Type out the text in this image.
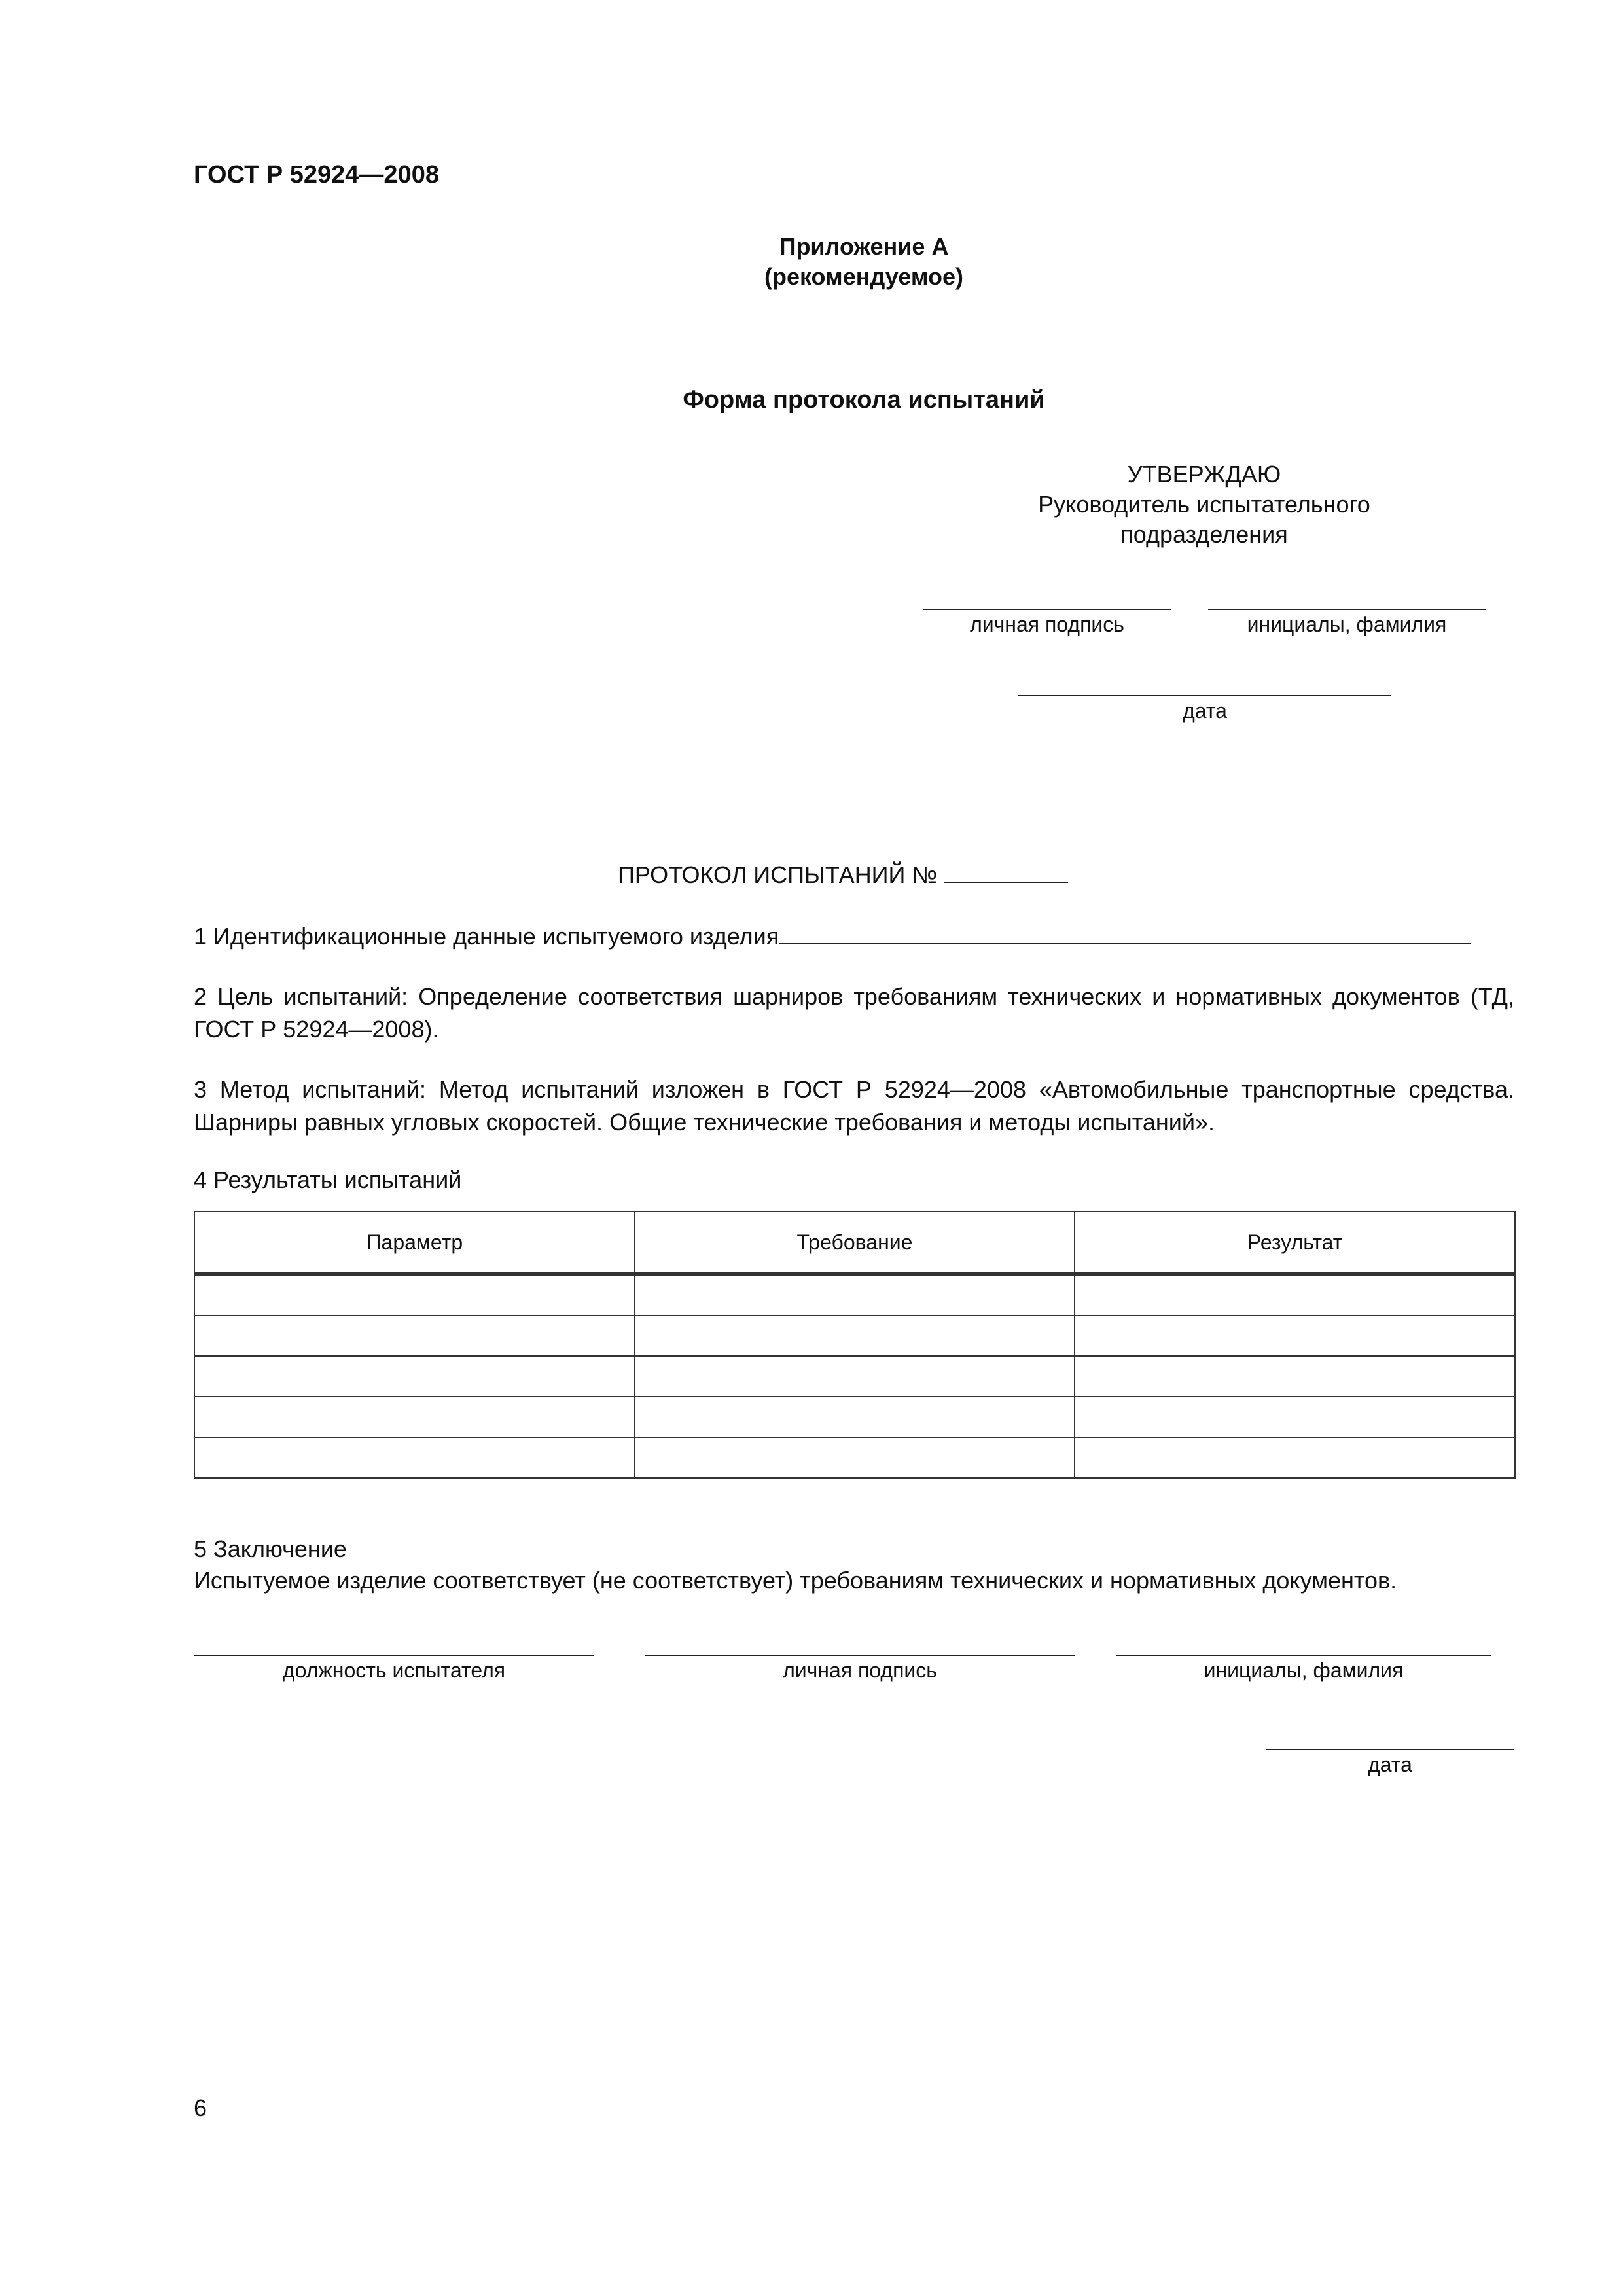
ГОСТ Р 52924—2008
Приложение А
(рекомендуемое)
Форма протокола испытаний
УТВЕРЖДАЮ
Руководитель испытательного
подразделения
личная подпись	инициалы, фамилия
дата
ПРОТОКОЛ ИСПЫТАНИЙ №
1 Идентификационные данные испытуемого изделия
2 Цель испытаний: Определение соответствия шарниров требованиям технических и нормативных документов (ТД, ГОСТ Р 52924—2008).
3 Метод испытаний: Метод испытаний изложен в ГОСТ Р 52924—2008 «Автомобильные транспортные средства. Шарниры равных угловых скоростей. Общие технические требования и методы испытаний».
4 Результаты испытаний
Параметр	Требование	Результат

5 Заключение
Испытуемое изделие соответствует (не соответствует) требованиям технических и нормативных документов.
должность испытателя	личная подпись	инициалы, фамилия
дата
6
